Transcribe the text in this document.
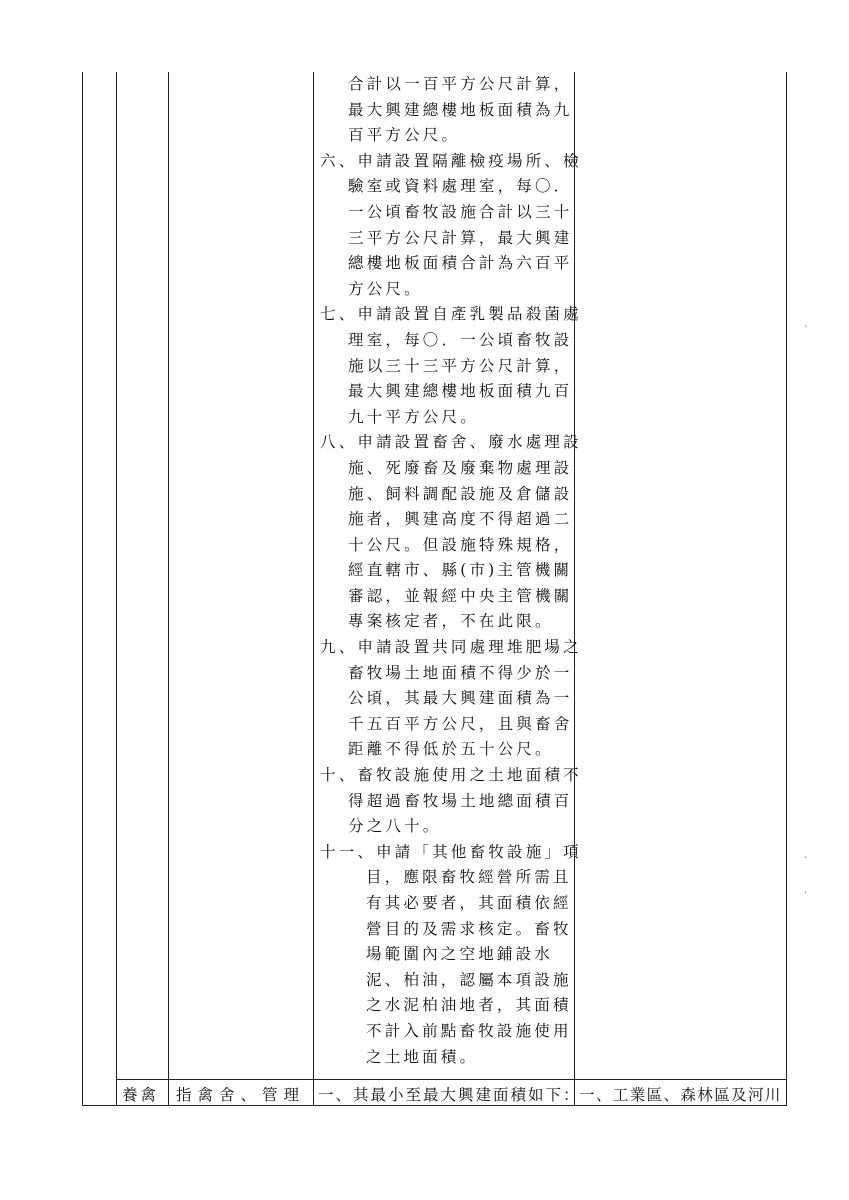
合計以一百平方公尺計算，
最大興建總樓地板面積為九
百平方公尺。
六、申請設置隔離檢疫場所、檢
驗室或資料處理室，每〇．
一公頃畜牧設施合計以三十
三平方公尺計算，最大興建
總樓地板面積合計為六百平
方公尺。
七、申請設置自產乳製品殺菌處
理室，每〇．一公頃畜牧設
施以三十三平方公尺計算，
最大興建總樓地板面積九百
九十平方公尺。
八、申請設置畜舍、廢水處理設
施、死廢畜及廢棄物處理設
施、飼料調配設施及倉儲設
施者，興建高度不得超過二
十公尺。但設施特殊規格，
經直轄市、縣(市)主管機關
審認，並報經中央主管機關
專案核定者，不在此限。
九、申請設置共同處理堆肥場之
畜牧場土地面積不得少於一
公頃，其最大興建面積為一
千五百平方公尺，且與畜舍
距離不得低於五十公尺。
十、畜牧設施使用之土地面積不
得超過畜牧場土地總面積百
分之八十。
十一、申請「其他畜牧設施」項
目，應限畜牧經營所需且
有其必要者，其面積依經
營目的及需求核定。畜牧
場範圍內之空地鋪設水
泥、柏油，認屬本項設施
之水泥柏油地者，其面積
不計入前點畜牧設施使用
之土地面積。
養禽 指禽舍、管理 一、其最小至最大興建面積如下：
一、工業區、森林區及河川
·
·
·
